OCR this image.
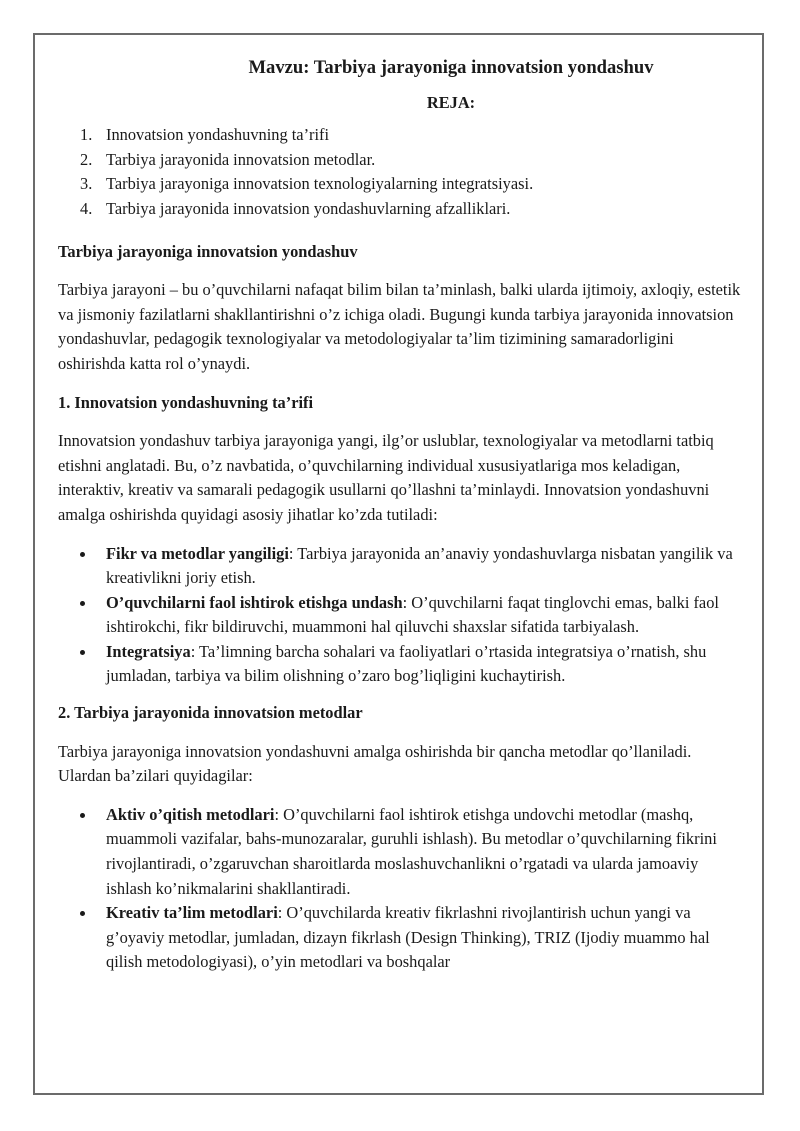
Mavzu: Tarbiya jarayoniga innovatsion yondashuv
REJA:
1. Innovatsion yondashuvning ta’rifi
2. Tarbiya jarayonida innovatsion metodlar.
3. Tarbiya jarayoniga innovatsion texnologiyalarning integratsiyasi.
4. Tarbiya jarayonida innovatsion yondashuvlarning afzalliklari.
Tarbiya jarayoniga innovatsion yondashuv

Tarbiya jarayoni – bu o’quvchilarni nafaqat bilim bilan ta’minlash, balki ularda ijtimoiy, axloqiy, estetik va jismoniy fazilatlarni shakllantirishni o’z ichiga oladi. Bugungi kunda tarbiya jarayonida innovatsion yondashuvlar, pedagogik texnologiyalar va metodologiyalar ta’lim tizimining samaradorligini oshirishda katta rol o’ynaydi.

1. Innovatsion yondashuvning ta’rifi

Innovatsion yondashuv tarbiya jarayoniga yangi, ilg’or uslublar, texnologiyalar va metodlarni tatbiq etishni anglatadi. Bu, o’z navbatida, o’quvchilarning individual xususiyatlariga mos keladigan, interaktiv, kreativ va samarali pedagogik usullarni qo’llashni ta’minlaydi. Innovatsion yondashuvni amalga oshirishda quyidagi asosiy jihatlar ko’zda tutiladi:

Fikr va metodlar yangiligi: Tarbiya jarayonida an’anaviy yondashuvlarga nisbatan yangilik va kreativlikni joriy etish.
O’quvchilarni faol ishtirok etishga undash: O’quvchilarni faqat tinglovchi emas, balki faol ishtirokchi, fikr bildiruvchi, muammoni hal qiluvchi shaxslar sifatida tarbiyalash.
Integratsiya: Ta’limning barcha sohalari va faoliyatlari o’rtasida integratsiya o’rnatish, shu jumladan, tarbiya va bilim olishning o’zaro bog’liqligini kuchaytirish.
2. Tarbiya jarayonida innovatsion metodlar

Tarbiya jarayoniga innovatsion yondashuvni amalga oshirishda bir qancha metodlar qo’llaniladi. Ulardan ba’zilari quyidagilar:

Aktiv o’qitish metodlari: O’quvchilarni faol ishtirok etishga undovchi metodlar (mashq, muammoli vazifalar, bahs-munozaralar, guruhli ishlash). Bu metodlar o’quvchilarning fikrini rivojlantiradi, o’zgaruvchan sharoitlarda moslashuvchanlikni o’rgatadi va ularda jamoaviy ishlash ko’nikmalarini shakllantiradi.
Kreativ ta’lim metodlari: O’quvchilarda kreativ fikrlashni rivojlantirish uchun yangi va g’oyaviy metodlar, jumladan, dizayn fikrlash (Design Thinking), TRIZ (Ijodiy muammo hal qilish metodologiyasi), o’yin metodlari va boshqalar
